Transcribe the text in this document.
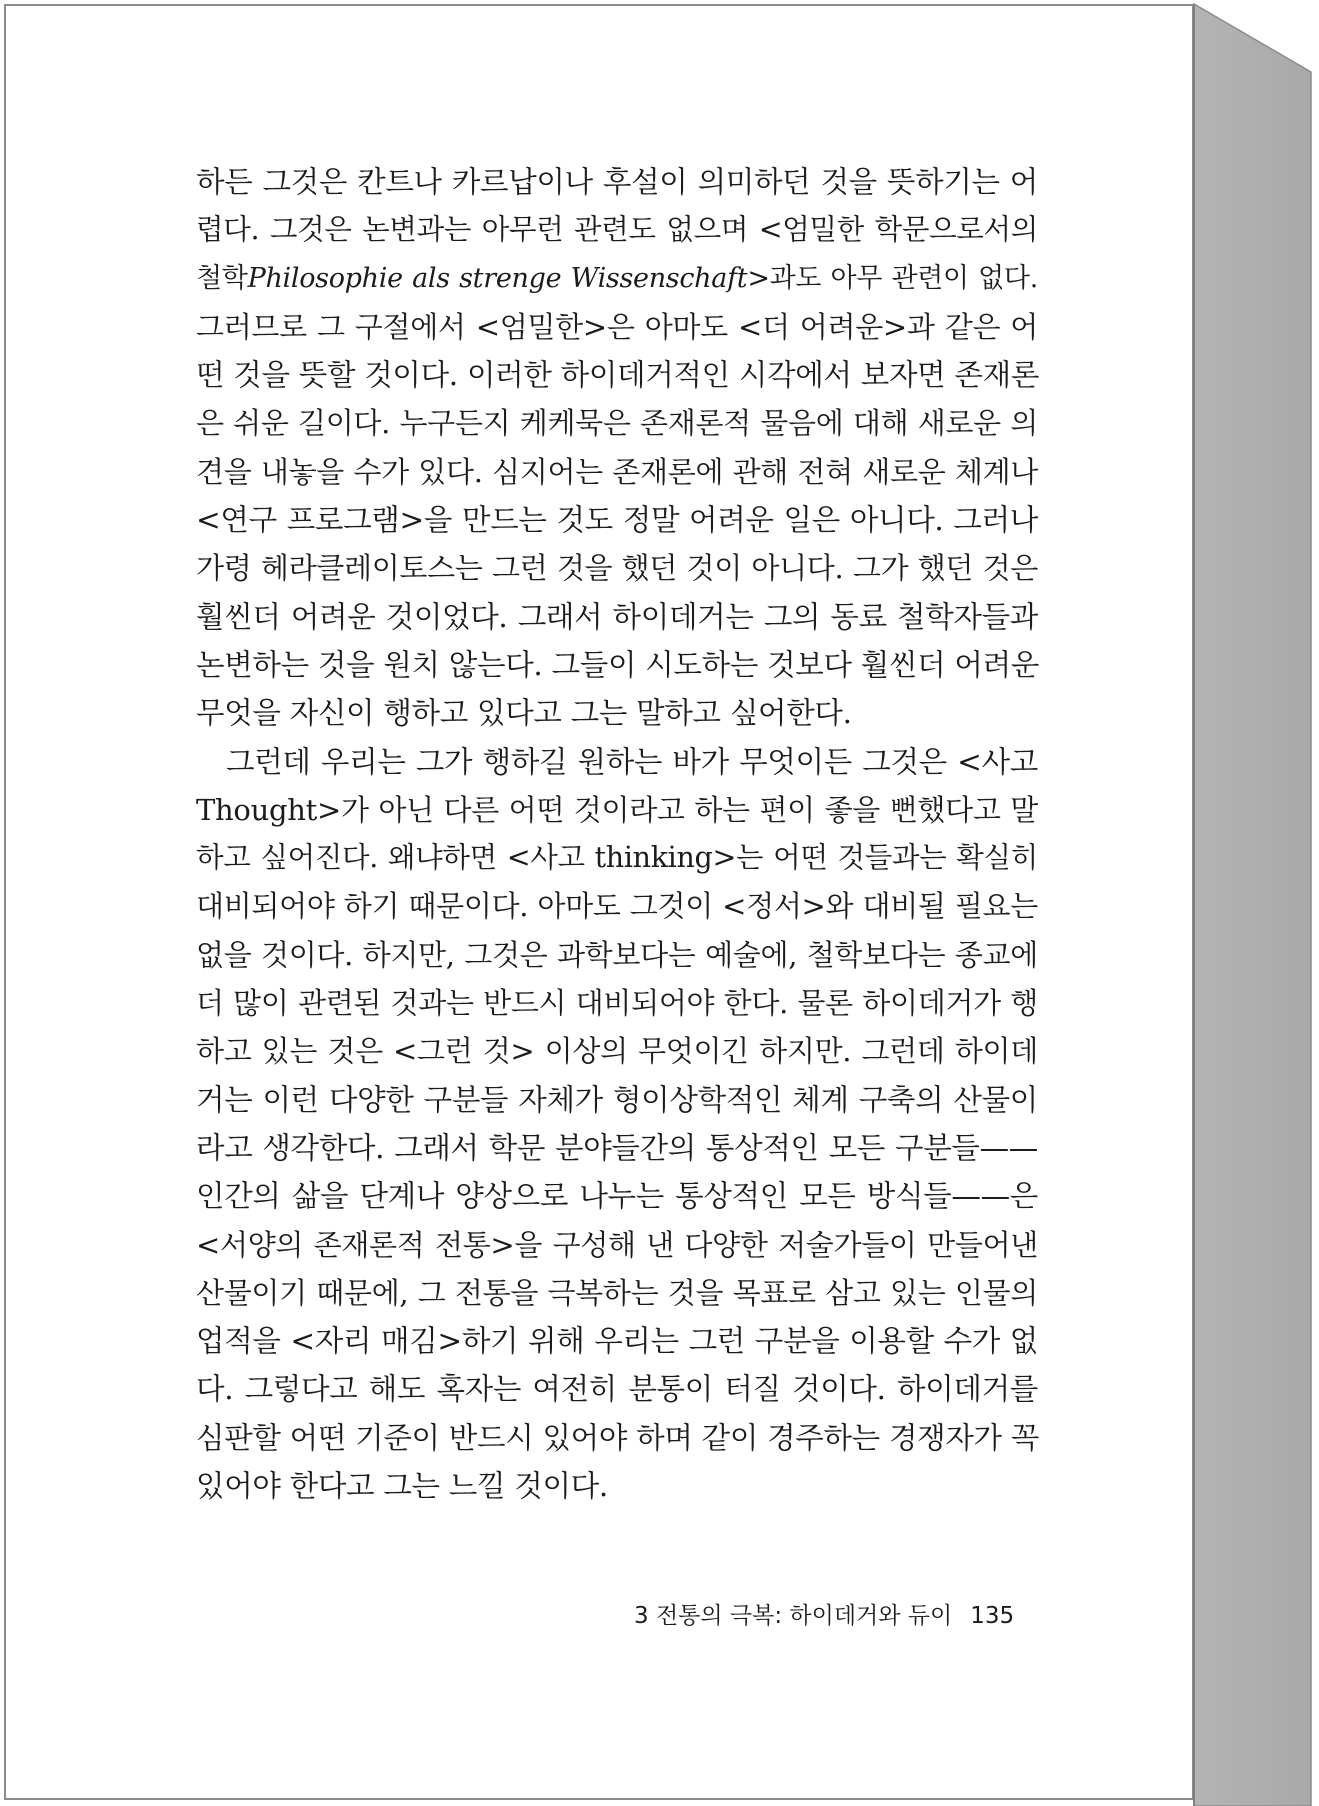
하든 그것은 칸트나 카르납이나 후설이 의미하던 것을 뜻하기는 어
렵다. 그것은 논변과는 아무런 관련도 없으며 <엄밀한 학문으로서의
철학Philosophie als strenge Wissenschaft>과도 아무 관련이 없다.
그러므로 그 구절에서 <엄밀한>은 아마도 <더 어려운>과 같은 어
떤 것을 뜻할 것이다. 이러한 하이데거적인 시각에서 보자면 존재론
은 쉬운 길이다. 누구든지 케케묵은 존재론적 물음에 대해 새로운 의
견을 내놓을 수가 있다. 심지어는 존재론에 관해 전혀 새로운 체계나
<연구 프로그램>을 만드는 것도 정말 어려운 일은 아니다. 그러나
가령 헤라클레이토스는 그런 것을 했던 것이 아니다. 그가 했던 것은
훨씬더 어려운 것이었다. 그래서 하이데거는 그의 동료 철학자들과
논변하는 것을 원치 않는다. 그들이 시도하는 것보다 훨씬더 어려운
무엇을 자신이 행하고 있다고 그는 말하고 싶어한다.
그런데 우리는 그가 행하길 원하는 바가 무엇이든 그것은 <사고
Thought>가 아닌 다른 어떤 것이라고 하는 편이 좋을 뻔했다고 말
하고 싶어진다. 왜냐하면 <사고 thinking>는 어떤 것들과는 확실히
대비되어야 하기 때문이다. 아마도 그것이 <정서>와 대비될 필요는
없을 것이다. 하지만, 그것은 과학보다는 예술에, 철학보다는 종교에
더 많이 관련된 것과는 반드시 대비되어야 한다. 물론 하이데거가 행
하고 있는 것은 <그런 것> 이상의 무엇이긴 하지만. 그런데 하이데
거는 이런 다양한 구분들 자체가 형이상학적인 체계 구축의 산물이
라고 생각한다. 그래서 학문 분야들간의 통상적인 모든 구분들——
인간의 삶을 단계나 양상으로 나누는 통상적인 모든 방식들——은
<서양의 존재론적 전통>을 구성해 낸 다양한 저술가들이 만들어낸
산물이기 때문에, 그 전통을 극복하는 것을 목표로 삼고 있는 인물의
업적을 <자리 매김>하기 위해 우리는 그런 구분을 이용할 수가 없
다. 그렇다고 해도 혹자는 여전히 분통이 터질 것이다. 하이데거를
심판할 어떤 기준이 반드시 있어야 하며 같이 경주하는 경쟁자가 꼭
있어야 한다고 그는 느낄 것이다.
3 전통의 극복: 하이데거와 듀이 135
